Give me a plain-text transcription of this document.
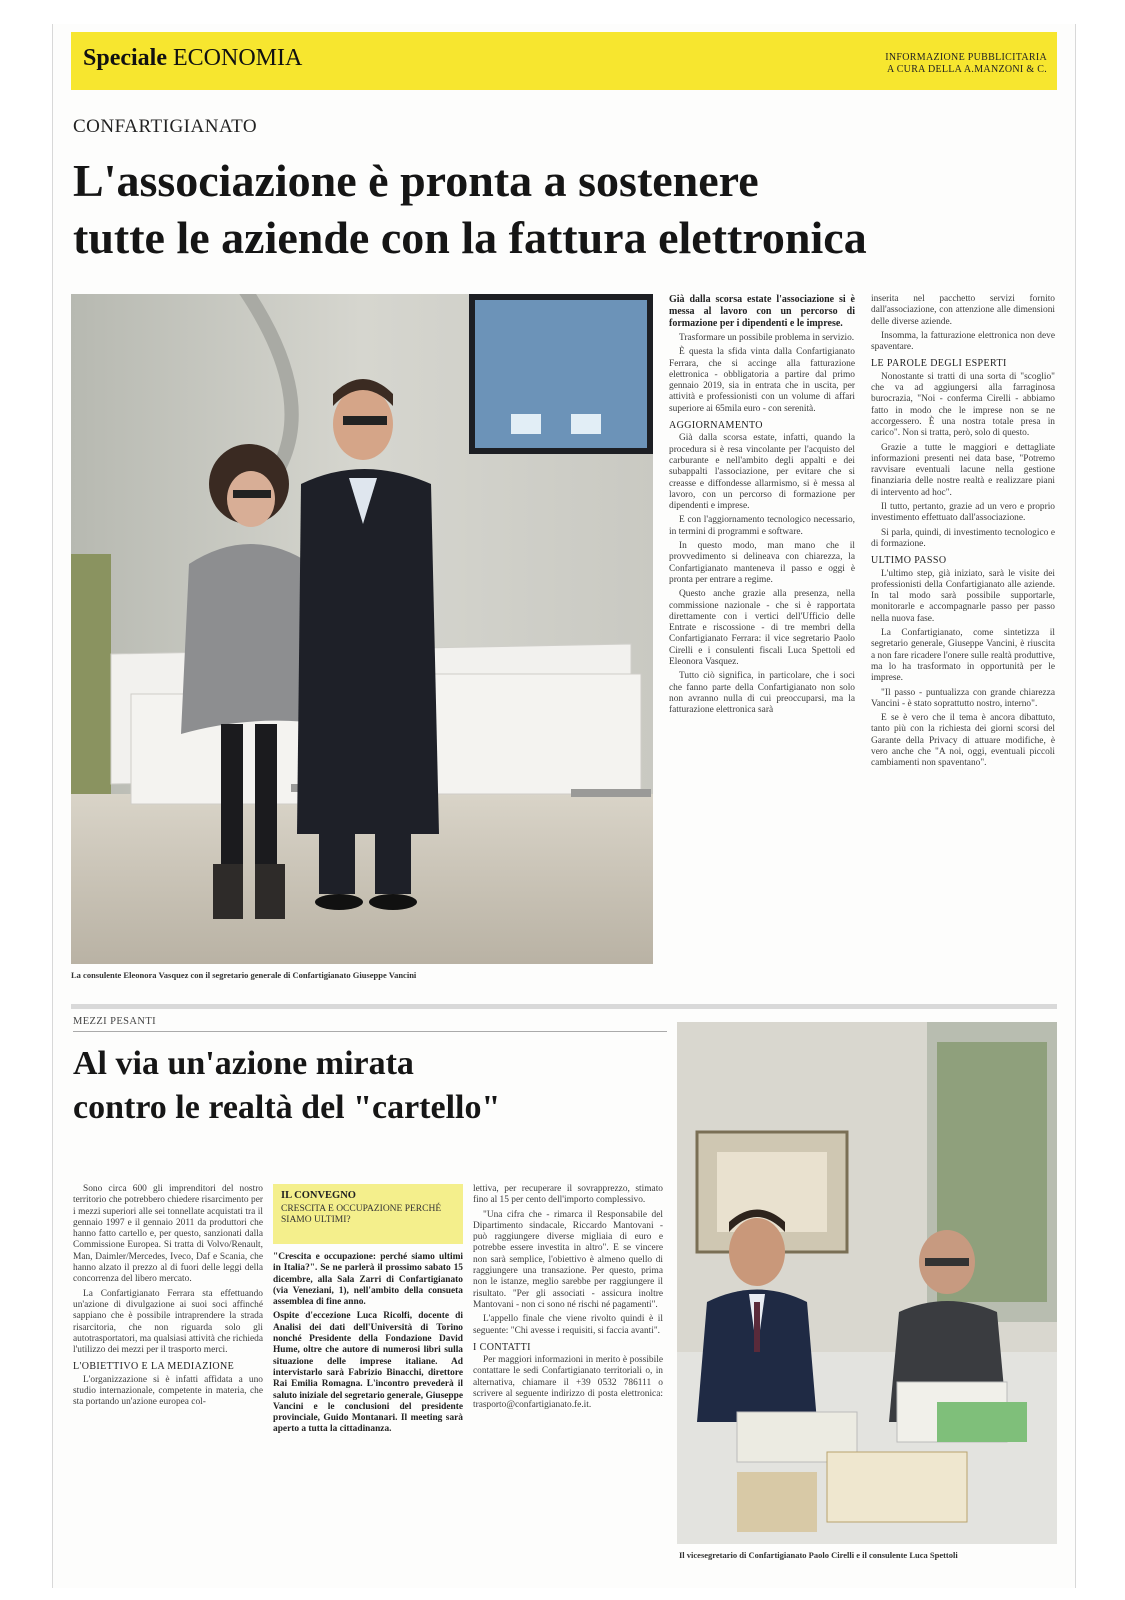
Speciale ECONOMIA	INFORMAZIONE PUBBLICITARIA
A CURA DELLA A.MANZONI & C.
CONFARTIGIANATO
L'associazione è pronta a sostenere
tutte le aziende con la fattura elettronica
La consulente Eleonora Vasquez con il segretario generale di Confartigianato Giuseppe Vancini

Già dalla scorsa estate l'associazione si è messa al lavoro con un percorso di formazione per i dipendenti e le imprese.

Trasformare un possibile problema in servizio.

È questa la sfida vinta dalla Confartigianato Ferrara, che si accinge alla fatturazione elettronica - obbligatoria a partire dal primo gennaio 2019, sia in entrata che in uscita, per attività e professionisti con un volume di affari superiore ai 65mila euro - con serenità.

AGGIORNAMENTO

Già dalla scorsa estate, infatti, quando la procedura si è resa vincolante per l'acquisto del carburante e nell'ambito degli appalti e dei subappalti l'associazione, per evitare che si creasse e diffondesse allarmismo, si è messa al lavoro, con un percorso di formazione per dipendenti e imprese.

E con l'aggiornamento tecnologico necessario, in termini di programmi e software.

In questo modo, man mano che il provvedimento si delineava con chiarezza, la Confartigianato manteneva il passo e oggi è pronta per entrare a regime.

Questo anche grazie alla presenza, nella commissione nazionale - che si è rapportata direttamente con i vertici dell'Ufficio delle Entrate e riscossione - di tre membri della Confartigianato Ferrara: il vice segretario Paolo Cirelli e i consulenti fiscali Luca Spettoli ed Eleonora Vasquez.

Tutto ciò significa, in particolare, che i soci che fanno parte della Confartigianato non solo non avranno nulla di cui preoccuparsi, ma la fatturazione elettronica sarà

inserita nel pacchetto servizi fornito dall'associazione, con attenzione alle dimensioni delle diverse aziende.

Insomma, la fatturazione elettronica non deve spaventare.

LE PAROLE DEGLI ESPERTI

Nonostante si tratti di una sorta di "scoglio" che va ad aggiungersi alla farraginosa burocrazia, "Noi - conferma Cirelli - abbiamo fatto in modo che le imprese non se ne accorgessero. È una nostra totale presa in carico". Non si tratta, però, solo di questo.

Grazie a tutte le maggiori e dettagliate informazioni presenti nei data base, "Potremo ravvisare eventuali lacune nella gestione finanziaria delle nostre realtà e realizzare piani di intervento ad hoc".

Il tutto, pertanto, grazie ad un vero e proprio investimento effettuato dall'associazione.

Si parla, quindi, di investimento tecnologico e di formazione.

ULTIMO PASSO

L'ultimo step, già iniziato, sarà le visite dei professionisti della Confartigianato alle aziende. In tal modo sarà possibile supportarle, monitorarle e accompagnarle passo per passo nella nuova fase.

La Confartigianato, come sintetizza il segretario generale, Giuseppe Vancini, è riuscita a non fare ricadere l'onere sulle realtà produttive, ma lo ha trasformato in opportunità per le imprese.

"Il passo - puntualizza con grande chiarezza Vancini - è stato soprattutto nostro, interno".

E se è vero che il tema è ancora dibattuto, tanto più con la richiesta dei giorni scorsi del Garante della Privacy di attuare modifiche, è vero anche che "A noi, oggi, eventuali piccoli cambiamenti non spaventano".

MEZZI PESANTI
Al via un'azione mirata
contro le realtà del "cartello"

Sono circa 600 gli imprenditori del nostro territorio che potrebbero chiedere risarcimento per i mezzi superiori alle sei tonnellate acquistati tra il gennaio 1997 e il gennaio 2011 da produttori che hanno fatto cartello e, per questo, sanzionati dalla Commissione Europea. Si tratta di Volvo/Renault, Man, Daimler/Mercedes, Iveco, Daf e Scania, che hanno alzato il prezzo al di fuori delle leggi della concorrenza del libero mercato.

La Confartigianato Ferrara sta effettuando un'azione di divulgazione ai suoi soci affinché sappiano che è possibile intraprendere la strada risarcitoria, che non riguarda solo gli autotrasportatori, ma qualsiasi attività che richieda l'utilizzo dei mezzi per il trasporto merci.

L'OBIETTIVO E LA MEDIAZIONE

L'organizzazione si è infatti affidata a uno studio internazionale, competente in materia, che sta portando un'azione europea col-

IL CONVEGNO
CRESCITA E OCCUPAZIONE PERCHÉ SIAMO ULTIMI?

"Crescita e occupazione: perché siamo ultimi in Italia?". Se ne parlerà il prossimo sabato 15 dicembre, alla Sala Zarri di Confartigianato (via Veneziani, 1), nell'ambito della consueta assemblea di fine anno.

Ospite d'eccezione Luca Ricolfi, docente di Analisi dei dati dell'Università di Torino nonché Presidente della Fondazione David Hume, oltre che autore di numerosi libri sulla situazione delle imprese italiane. Ad intervistarlo sarà Fabrizio Binacchi, direttore Rai Emilia Romagna. L'incontro prevederà il saluto iniziale del segretario generale, Giuseppe Vancini e le conclusioni del presidente provinciale, Guido Montanari. Il meeting sarà aperto a tutta la cittadinanza.

lettiva, per recuperare il sovrapprezzo, stimato fino al 15 per cento dell'importo complessivo.

"Una cifra che - rimarca il Responsabile del Dipartimento sindacale, Riccardo Mantovani - può raggiungere diverse migliaia di euro e potrebbe essere investita in altro". E se vincere non sarà semplice, l'obiettivo è almeno quello di raggiungere una transazione. Per questo, prima non le istanze, meglio sarebbe per raggiungere il risultato. "Per gli associati - assicura inoltre Mantovani - non ci sono né rischi né pagamenti".

L'appello finale che viene rivolto quindi è il seguente: "Chi avesse i requisiti, si faccia avanti".

I CONTATTI

Per maggiori informazioni in merito è possibile contattare le sedi Confartigianato territoriali o, in alternativa, chiamare il +39 0532 786111 o scrivere al seguente indirizzo di posta elettronica: trasporto@confartigianato.fe.it.

Il vicesegretario di Confartigianato Paolo Cirelli e il consulente Luca Spettoli
